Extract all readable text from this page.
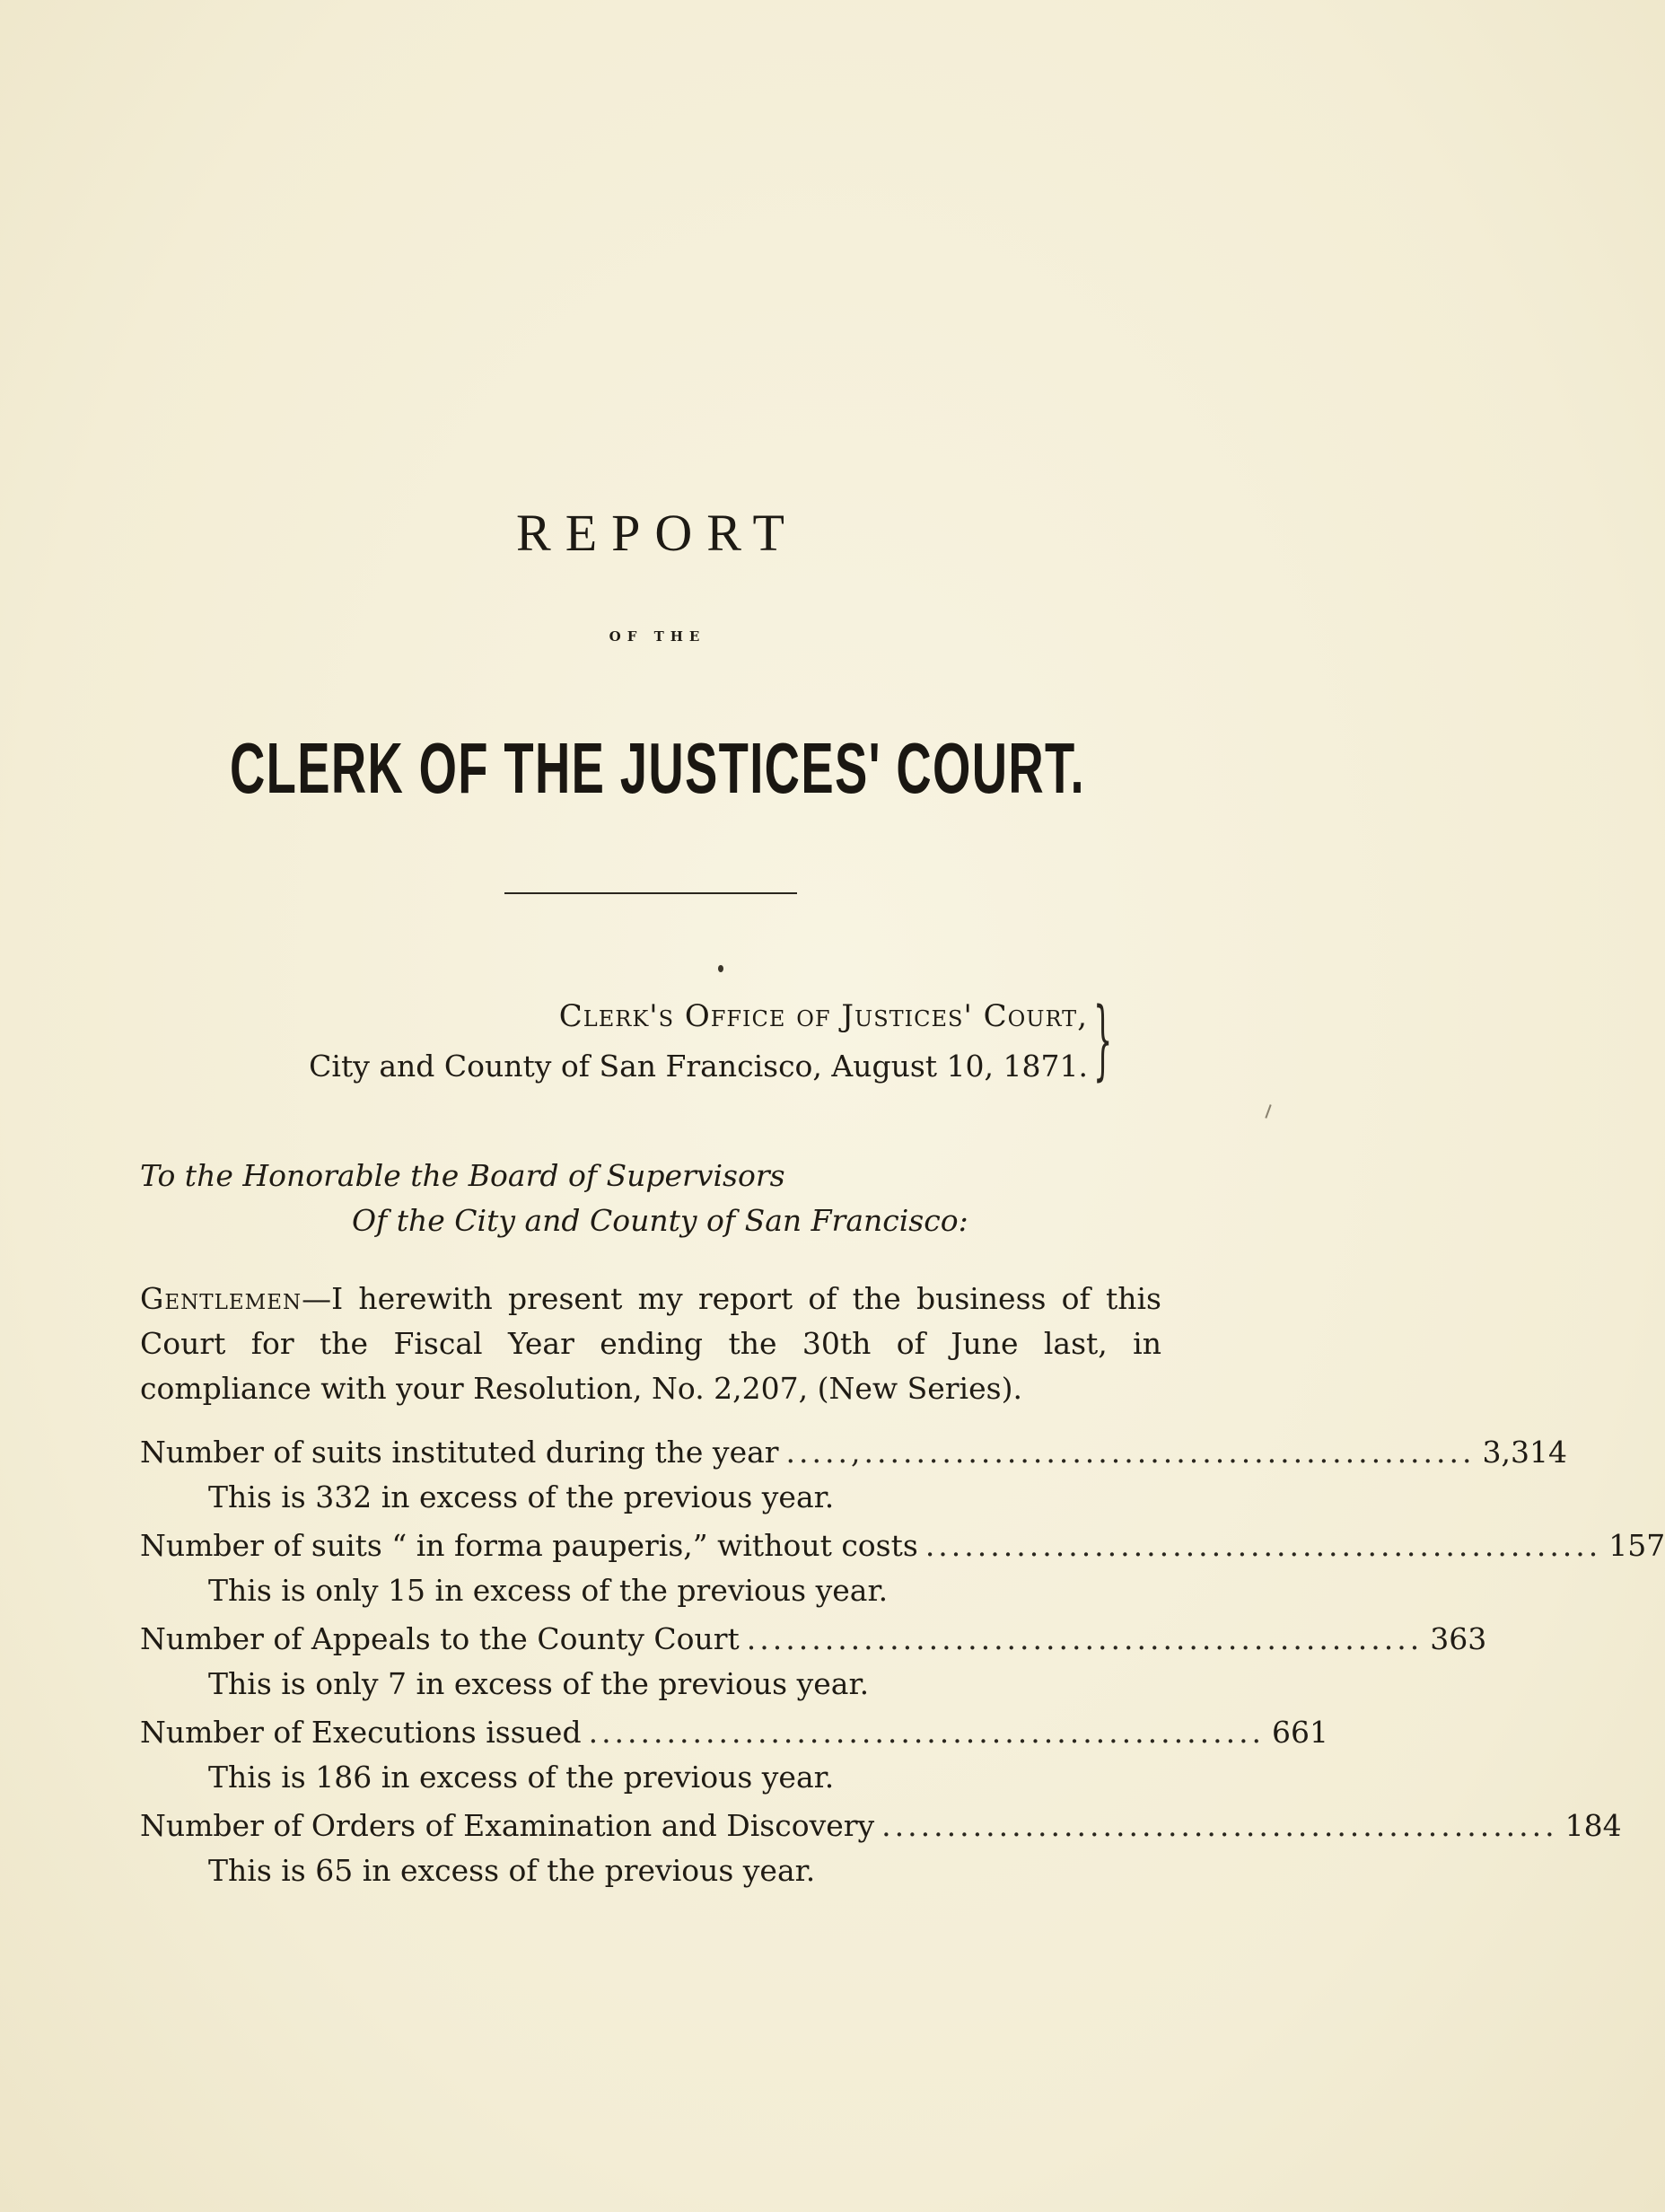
REPORT
OF THE
CLERK OF THE JUSTICES' COURT.
Clerk's Office of Justices' Court,
City and County of San Francisco, August 10, 1871. }
To the Honorable the Board of Supervisors
Of the City and County of San Francisco:

Gentlemen—I herewith present my report of the business of this Court for the Fiscal Year ending the 30th of June last, in compliance with your Resolution, No. 2,207, (New Series).

Number of suits instituted during the year .....,............................................... 3,314
This is 332 in excess of the previous year.
Number of suits “ in forma pauperis,” without costs .................................................... 157
This is only 15 in excess of the previous year.
Number of Appeals to the County Court .................................................... 363
This is only 7 in excess of the previous year.
Number of Executions issued .................................................... 661
This is 186 in excess of the previous year.
Number of Orders of Examination and Discovery .................................................... 184
This is 65 in excess of the previous year.
